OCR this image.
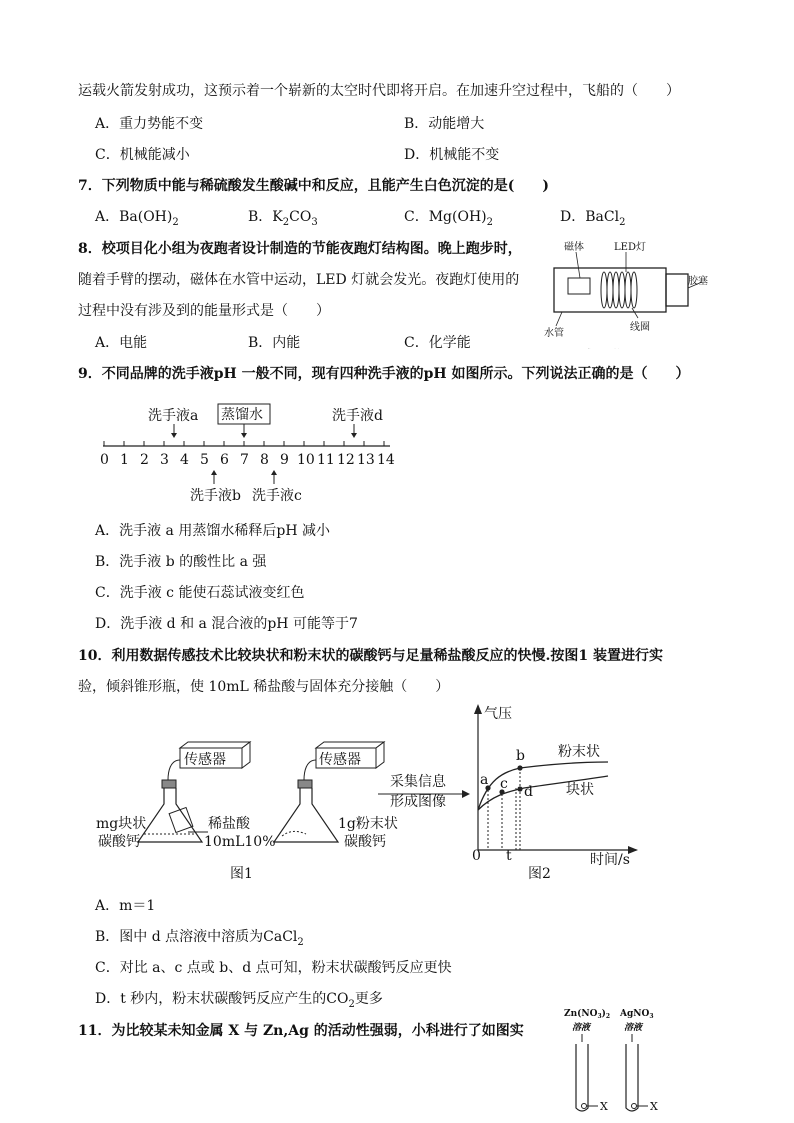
运载火箭发射成功，这预示着一个崭新的太空时代即将开启。在加速升空过程中，飞船的（　　）
A．重力势能不变	B．动能增大
C．机械能减小	D．机械能不变
7．下列物质中能与稀硫酸发生酸碱中和反应，且能产生白色沉淀的是(　　)
A．$Ba(OH)_2$	B．$K_2CO_3$	C．$Mg(OH)_2$	D．BaCl$_2$
8．校项目化小组为夜跑者设计制造的节能夜跑灯结构图。晚上跑步时，
随着手臂的摆动，磁体在水管中运动，LED 灯就会发光。夜跑灯使用的
过程中没有涉及到的能量形式是（　　）
A．电能	B．内能	C．化学能
磁体	LED灯
胶塞
水管
线圈
9．不同品牌的洗手液pH 一般不同，现有四种洗手液的pH 如图所示。下列说法正确的是（　　）
0 1 2 3 4 5 6 7 8 9 10 11 12 13 14
洗手液a 蒸馏水	洗手液d
洗手液b 洗手液c
A．洗手液 a 用蒸馏水稀释后pH 减小
B．洗手液 b 的酸性比 a 强
C．洗手液 c 能使石蕊试液变红色
D．洗手液 d 和 a 混合液的pH 可能等于7
10．利用数据传感技术比较块状和粉末状的碳酸钙与足量稀盐酸反应的快慢.按图1 装置进行实
验，倾斜锥形瓶，使 10mL 稀盐酸与固体充分接触（　　）
传感器
mg块状
碳酸钙
稀盐酸
10mL10%
传感器
1g粉末状
碳酸钙
图1
采集信息
形成图像
气压
时间/s
0 t
a
b
c d
粉末状
块状
图2
A．m＝1
B．图中 d 点溶液中溶质为CaCl$_2$
C．对比 a、c 点或 b、d 点可知，粉末状碳酸钙反应更快
D．t 秒内，粉末状碳酸钙反应产生的$CO_2$更多
11．为比较某未知金属 X 与 Zn,Ag 的活动性强弱，小科进行了如图实
$Zn(NO_3)_2$
溶液
AgNO$_3$
溶液
X	X
